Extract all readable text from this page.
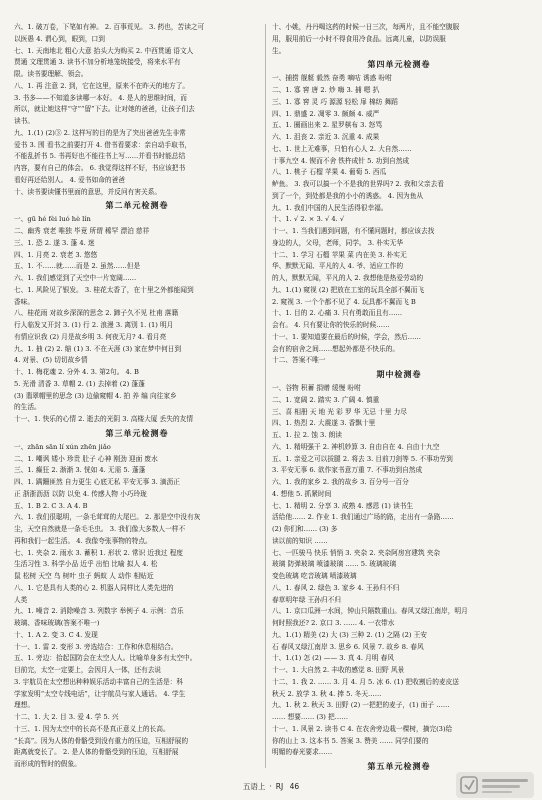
六、1. 破万卷，下笔如有神。 2. 百事荒见。 3. 药也，苦读之可
以医愚 4. 谓心到，眼到，口到
七、1. 天南地北 粗心大意 抬头大为购买 2. 中西贯通 语文人
贾通 文理贯通 3. 读书不加分析地笼统接受，将来水平有
限。读书要理解、领会。
八、1. 再 注意 2. 到，它在这里，原来不在昨天的地方了。
3. 书多——不知道多读哪一本好。 4. 是人的思维时间，而
所以，就让她这样“守”“留”下去。让对她的爸爸，让孩子们去
读书。
九、1.(1) (2)③ 2. 这样写的目的是为了突出爸爸先生非常
爱书 3. 围 看书之前要打开 4. 借书看要求：亲自动手取书，
不能乱折书 5. 书再好也不能往书上写……并看书时能总结
内容，要有自己的体会。 6. 我觉得这样不好，书应该把书
看好再还给别人。 4. 爱书如命的爸爸
十、读书要读懂书里面的意思，并反问有害关系。
第二单元检测卷
一、gū hé fèi luó hè lín
二、幽秀 衰老 唯独 毕竟 所谓 稀罕 漂泊 慈祥
三、1. 恐 2. 遂 3. 蓬 4. 迷
四、1. 月亮 2. 衰老 3. 悠悠
五、1. 不……就……而是 2. 虽然……但是
六、1. 我们感觉到了天空中一片宽阔……
七、1. 风险见了银发。 3. 桂花太香了，在十里之外都能闻到
香味。
八、桂花雨 对故乡深深的思念 2. 蹄子久不见 杜甫 落籍
行人临发又开封 3. (1) 行 2. 浪漫 3. 离别 1. (1) 明月
有情应识我 (2) 月是故乡明 3. 何夜无月? 4. 看月亮
九、1. 抽 (2) 2. 缩 (1) 3. 不在天涯 (3) 家在梦中何日到
4. 对景、(5) 切切故乡情
十、1. 梅花魂 2. 分外 4. 3. 第2句。 4. B
5. 光滑 清香 3. 草帽 2. (1) 去掉着 (2) 蓬蓬
(3) 翡翠帽里的思念 (3) 边偷窥帽 4. 拍 养 编 向往家乡
的生活。
十一、1. 快乐的心情 2. 逝去的光阴 3. 高楼大厦 丢失的友情
第三单元检测卷
一、zhān sān lí xún zhēn jiǎo
二、1. 嘲讽 矮小 珍贵 肚子 心神 刚劲 迎面 废水
三、1. 癫狂 2. 渐渐 3. 恍如 4. 无需 5. 蓬蓬
四、1. 蹒跚匪然 自力更生 心底无私 平安无事 3. 滴沥正
正 浙浙沥沥 以防 以免 4. 传感人物 小巧玲珑
五、1. B 2. C 3. A 4. B
六、1. 我们很聪明，一条毛茸茸的大尾巴。 2. 那是空中没有灰
尘，天空自然就是一条毛毛虫。 3. 我们像大多数人一样不
再和我们一起生活。 4. 我像夸张事物的特点。
七、1. 夹杂 2. 雨水 3. 蓄积 1. 形状 2. 常识 近我过 程度
生活习性 3. 科学小品 近乎 出怕 比喻 拟人 4. 松
鼠 松树 天空 鸟 树叶 虫子 蚂蚁 人 动作 相贴近
八、1. 它是具有人类的心 2. 机器人同样比人类先进的
人类
九、1. 噪音 2. 消除噪音 3. 列数字 举例子 4. 示例：音乐
玻璃、香味玻璃(答案不唯一)
十、1. A 2. 变 3. C 4. 发现
十一、1. 雷 2. 变形 3. 旁选结合：工作和休息相结合。
五、1. 旁边：拾起国防会在太空人人。比喻单身多有太空中。
目前完，太空一定要上，会因月人一体，还有去说
3. 宇航员在太空想出种种娱乐活动丰富自己的生活是：科
学家发明“太空专线电话”，让宇航员与家人通话。 4. 学生
理想。
十二、1. 大 2. 目 3. 爱 4. 学 5. 兴
十三、1. 因为太空中的长高不是真正意义上的长高。
“长高”。因为人体的骨骼受到没有重力的压迫，互相舒展的
距离就变长了。 2. 是人体的骨骼受到的压迫，互相舒展
而形成的暂时的假象。
十、小姚，丹丹喝这药的时候一日三次，每两片，且不能空腹服
用，服用前后一小时不得食用冷食品。远离儿童，以防误服
生。
第四单元检测卷
一、捕捞 舰艇 毅然 奋勇 嘀咕 诱惑 吩咐
二、1. 寡 窖 唐 2. 炒 嗨 3. 捕 嗯 扒
三、1. 寡 窖 灵 巧 源源 轻松 扉 棉纺 舞蹈
四、1. 鼎盛 2. 凋零 3. 颇颇 4. 威严
五、1. 圈画出来 2. 星罗棋布 3. 怒骂
六、1. 沮丧 2. 亲近 3. 沉重 4. 成果
七、1. 世上无难事，只怕有心人 2. 大自然……
十事九空 4. 锲而不舍 铁杵成针 5. 功到自然成
八、1. 桃子 石榴 苹果 4. 葡萄 5. 西瓜
鲈鱼。 3. 我可以搞一个不是我的世界吗? 2. 我和父亲去看
到了一个，到处都是我的小小的诱惑。 4. 因为鱼从
九、1. 我们中国的人民生活得很幸福。
十、1. √ 2. × 3. √ 4. √
十一、1. 当我们遇到问题，有不懂问题时，都应该去找
身边的人，父母，老师，同学。 3. 朴实无华
十二、1. 学习 石榴 苹果 菜 内在美 3. 朴实无
华、默默无闻、平凡的人 4. 爷、适应工作的
的人，默默无闻，平凡的人 2. 我想他是热爱劳动的
九、1.(1) 窥视 (2) 把放在工室的玩具全部不翼而飞
2. 窥视 3. 一个个都不见了 4. 玩具都不翼而飞 B
十、1. 目的 2. 心痛 3. 只有勇敢而且有……
会有。 4. 只有要让你的快乐的时候……
十一、1. 要知道要在最后的时候，学会，然后……
会有的宿舍之间……想起外都是不快乐的。
十二、答案不唯一
期中检测卷
一、谷物 积蓄 捐赠 缓慢 吩咐
二、1. 宽阔 2. 踏实 3. 广阔 4. 慎重
三、喜 相册 天 地 光 彩 罗 华 无忌 十里 力尽
四、1. 热烈 2. 大震遂 3. 香飘十里
五、1. 拉 2. 蚀 3. 朗读
六、1. 精明强干 2. 神机妙算 3. 自由自在 4. 自由十九空
五、1. 亲爱之可以拔腿 2. 将去 3. 目前刀剑等 5. 不事功劳到
3. 平安无事 6. 欲作家书意万重 7. 不事功到自然成
六、1. 我的家乡 2. 我的故乡 3. 百分号一百分
4. 想他 5. 抓紧时间
七、1. 精明 2. 分享 3. 成熟 4. 感恩 (1) 读书生
活给他…… 2. 作业 1. 我们通过广场的路，走出有一条路……
(2) 你们和…… (3) 多
读以前的知识 ……
七、一匹骏马 快乐 悄悄 3. 夹杂 2. 夹杂阿房宫建筑 夹杂
玻璃 防弹玻璃 喷漆玻璃 …… 5. 玻璃玻璃
变色玻璃 吃音玻璃 喷漆玻璃
八、1. 春风 2. 绿色 3. 家乡 4. 王孙归不归
春草明年绿 王孙归不归
八、1. 京口瓜洲一水间，钟山只隔数重山。春风又绿江南岸，明月
何时照我还? 2. 京口 3. …… 4. 一衣带水
九、1.(1) 精美 (2) 大 (3) 三种 2. (1) 之隔 (2) 王安
石 春风又绿江南岸 3. 思乡 6. 风景 7. 故乡 8. 春风
十、1.(1) 怎 (2) —— 3. 真 4. 月明 春风
十一、1. 大自然 2. 丰收的感觉 8. 田野 风景
十二、1. 我 2. …… 3. 月 4. 月 5. 冰 6. (1) 把收割后的麦皮送
秋天 2. 放学 3. 秋 4. 捧 5. 冬天……
九、1. 秋 2. 秋天 3. 田野 (2) 一把把的麦子，(1) 面子 ……
…… 想要…… (3) 把……
十一、1. 风景 2. 读书 C 4. 在农舍旁边栽一棵树，摘完(3)给
你的山上 3. 这本书 5. 答案 3. 赞美 …… 同学们要的
明媚的春光要求……
第五单元检测卷
五语上 · RJ 46
